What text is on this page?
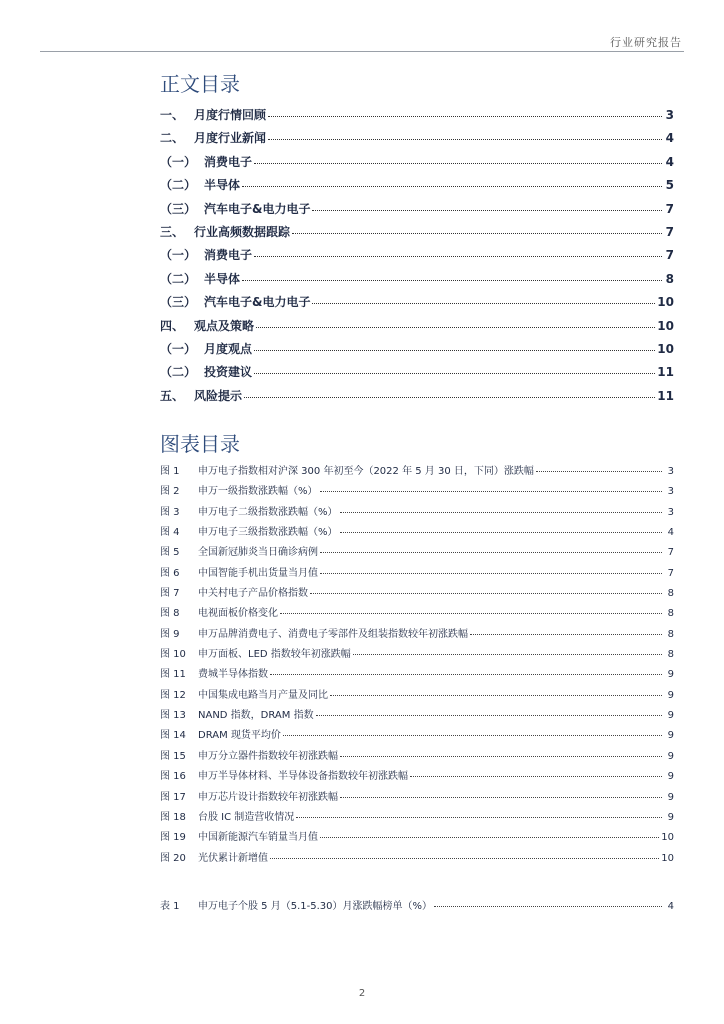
行业研究报告
正文目录
一、 月度行情回顾	3
二、 月度行业新闻	4
（一） 消费电子	4
（二） 半导体	5
（三） 汽车电子&电力电子	7
三、 行业高频数据跟踪	7
（一） 消费电子	7
（二） 半导体	8
（三） 汽车电子&电力电子	10
四、 观点及策略	10
（一） 月度观点	10
（二） 投资建议	11
五、 风险提示	11
图表目录
图 1	申万电子指数相对沪深 300 年初至今（2022 年 5 月 30 日，下同）涨跌幅	3
图 2	申万一级指数涨跌幅（%）	3
图 3	申万电子二级指数涨跌幅（%）	3
图 4	申万电子三级指数涨跌幅（%）	4
图 5	全国新冠肺炎当日确诊病例	7
图 6	中国智能手机出货量当月值	7
图 7	中关村电子产品价格指数	8
图 8	电视面板价格变化	8
图 9	申万品牌消费电子、消费电子零部件及组装指数较年初涨跌幅	8
图 10	申万面板、LED 指数较年初涨跌幅	8
图 11	费城半导体指数	9
图 12	中国集成电路当月产量及同比	9
图 13	NAND 指数，DRAM 指数	9
图 14	DRAM 现货平均价	9
图 15	申万分立器件指数较年初涨跌幅	9
图 16	申万半导体材料、半导体设备指数较年初涨跌幅	9
图 17	申万芯片设计指数较年初涨跌幅	9
图 18	台股 IC 制造营收情况	9
图 19	中国新能源汽车销量当月值	10
图 20	光伏累计新增值	10
表 1	申万电子个股 5 月（5.1-5.30）月涨跌幅榜单（%）	4
2
